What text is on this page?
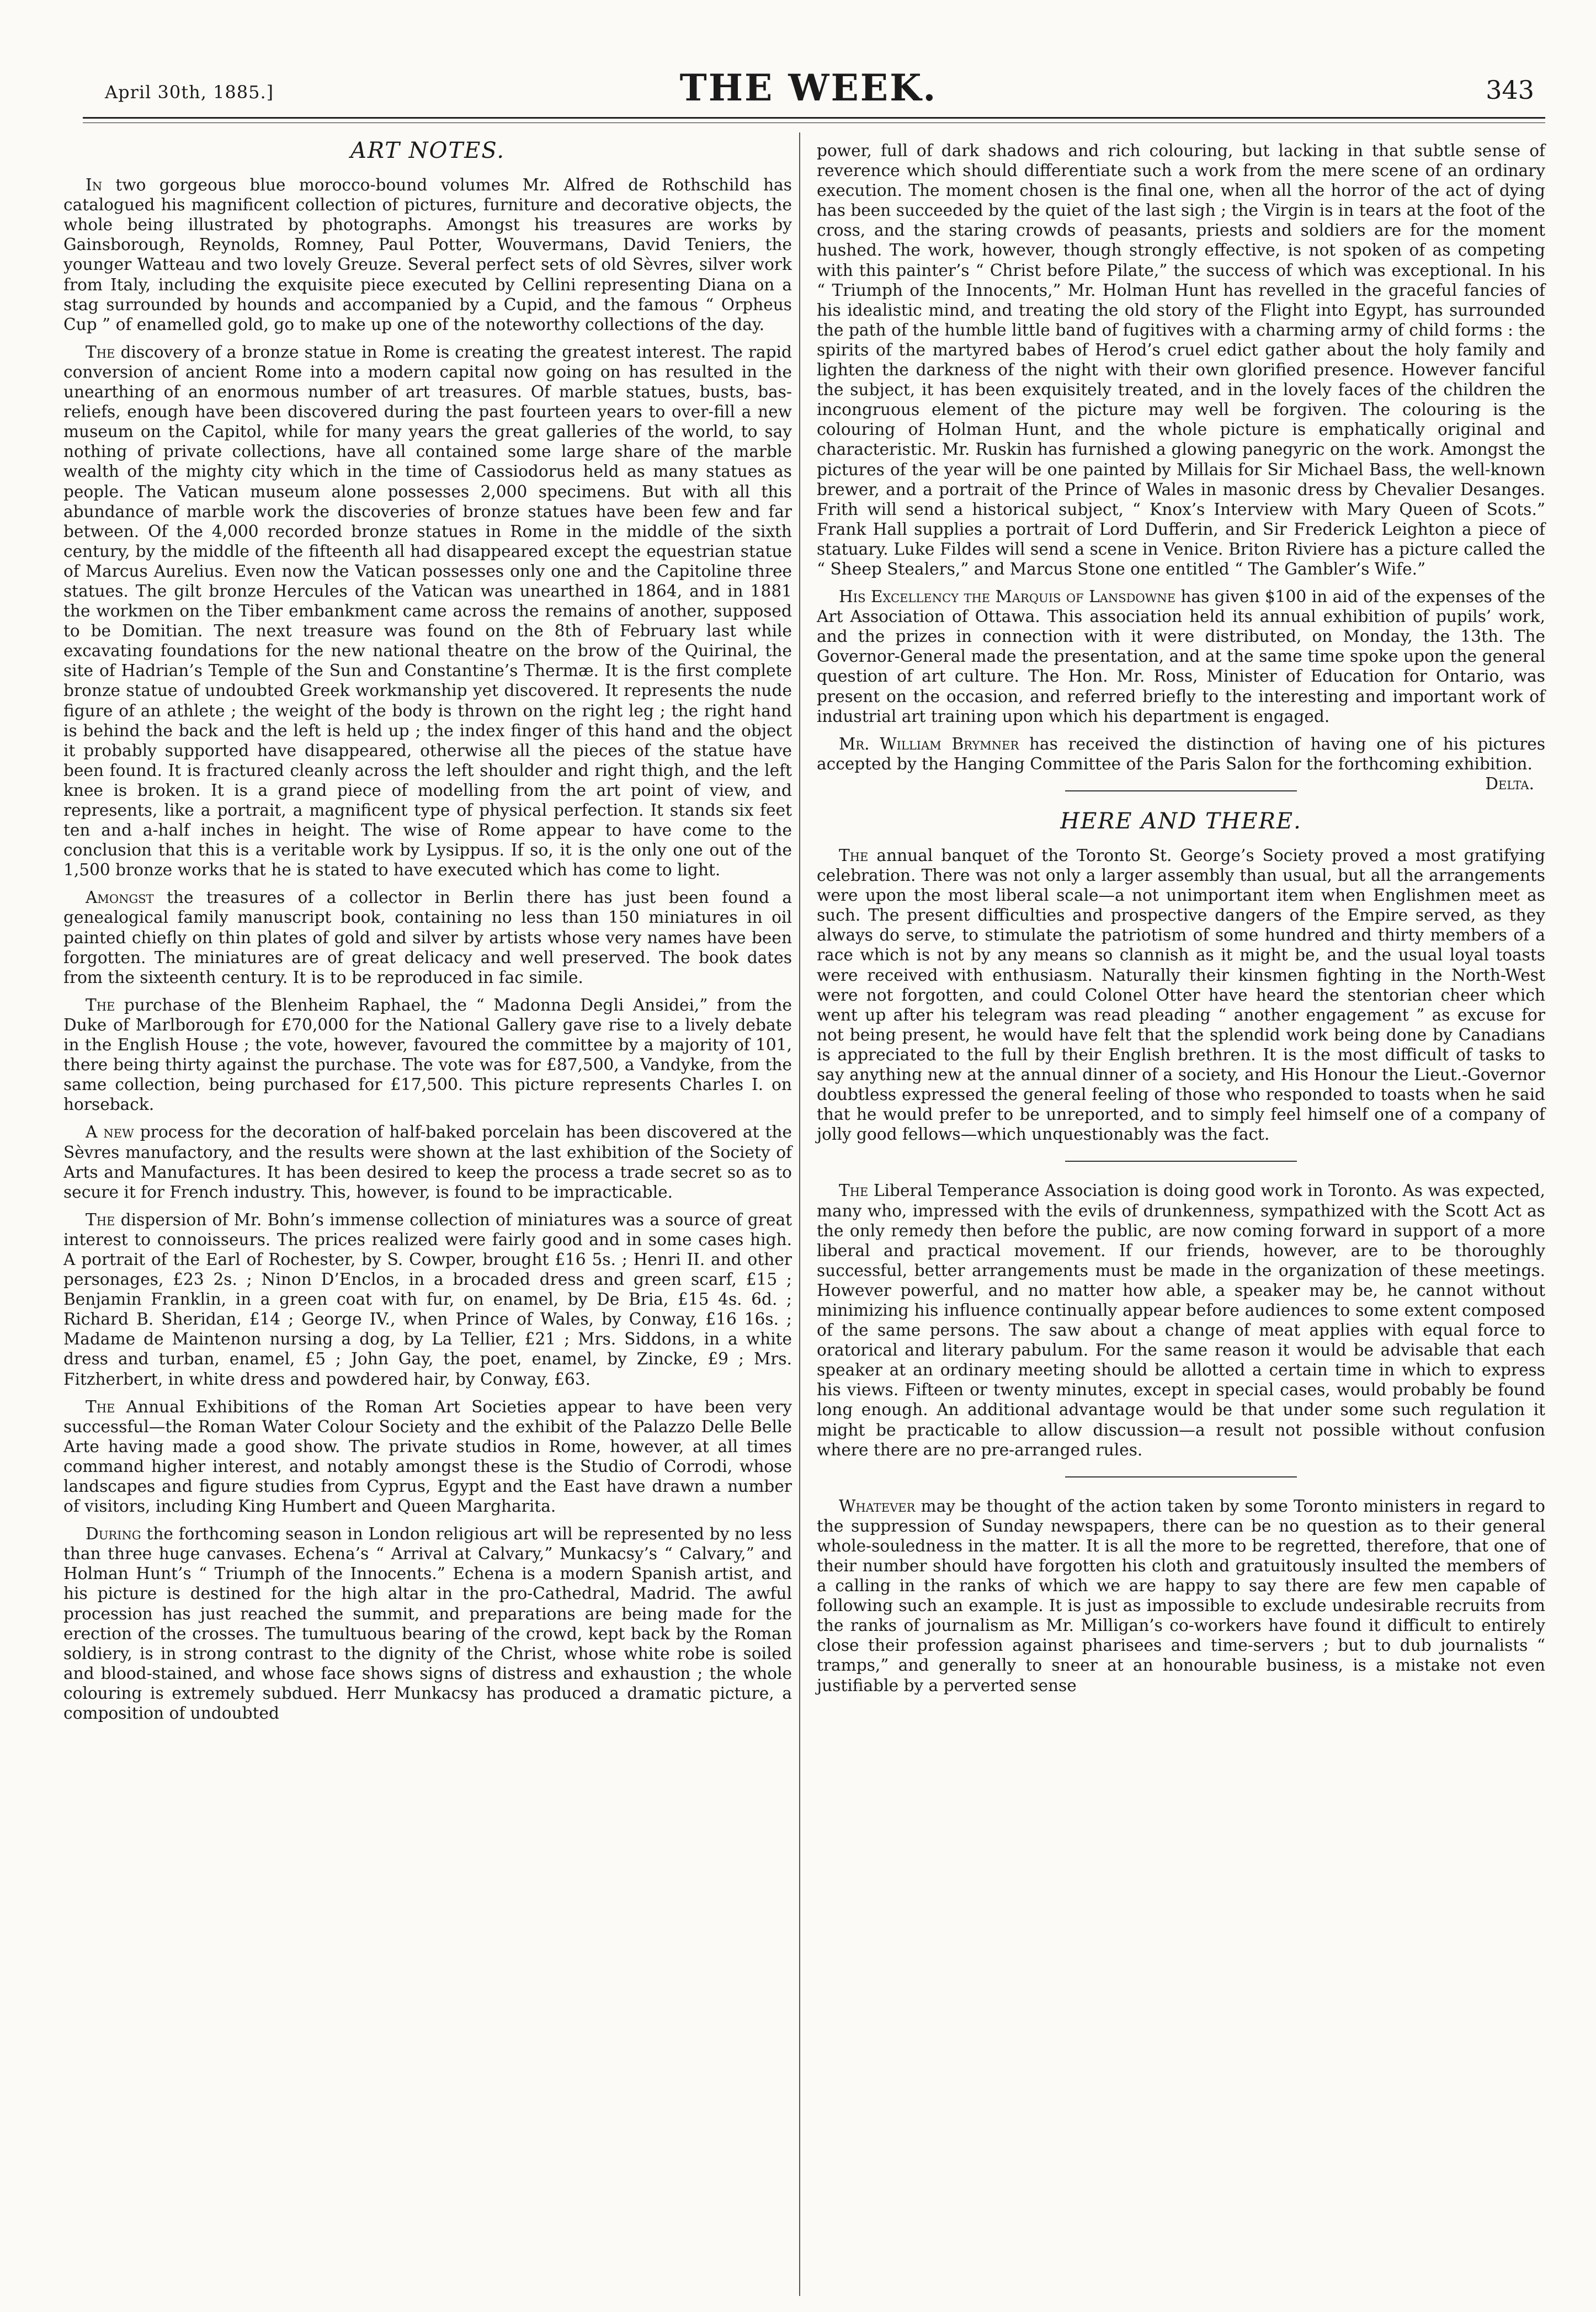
April 30th, 1885.]	THE WEEK.	343
ART NOTES.

In two gorgeous blue morocco-bound volumes Mr. Alfred de Rothschild has catalogued his magnificent collection of pictures, furniture and decorative objects, the whole being illustrated by photographs. Amongst his treasures are works by Gainsborough, Reynolds, Romney, Paul Potter, Wouvermans, David Teniers, the younger Watteau and two lovely Greuze. Several perfect sets of old Sèvres, silver work from Italy, including the exquisite piece executed by Cellini representing Diana on a stag surrounded by hounds and accompanied by a Cupid, and the famous “ Orpheus Cup ” of enamelled gold, go to make up one of the noteworthy collections of the day.

The discovery of a bronze statue in Rome is creating the greatest interest. The rapid conversion of ancient Rome into a modern capital now going on has resulted in the unearthing of an enormous number of art treasures. Of marble statues, busts, bas-reliefs, enough have been discovered during the past fourteen years to over-fill a new museum on the Capitol, while for many years the great galleries of the world, to say nothing of private collections, have all contained some large share of the marble wealth of the mighty city which in the time of Cassiodorus held as many statues as people. The Vatican museum alone possesses 2,000 specimens. But with all this abundance of marble work the discoveries of bronze statues have been few and far between. Of the 4,000 recorded bronze statues in Rome in the middle of the sixth century, by the middle of the fifteenth all had disappeared except the equestrian statue of Marcus Aurelius. Even now the Vatican possesses only one and the Capitoline three statues. The gilt bronze Hercules of the Vatican was unearthed in 1864, and in 1881 the workmen on the Tiber embankment came across the remains of another, supposed to be Domitian. The next treasure was found on the 8th of February last while excavating foundations for the new national theatre on the brow of the Quirinal, the site of Hadrian’s Temple of the Sun and Constantine’s Thermæ. It is the first complete bronze statue of undoubted Greek workmanship yet discovered. It represents the nude figure of an athlete ; the weight of the body is thrown on the right leg ; the right hand is behind the back and the left is held up ; the index finger of this hand and the object it probably supported have disappeared, otherwise all the pieces of the statue have been found. It is fractured cleanly across the left shoulder and right thigh, and the left knee is broken. It is a grand piece of modelling from the art point of view, and represents, like a portrait, a magnificent type of physical perfection. It stands six feet ten and a-half inches in height. The wise of Rome appear to have come to the conclusion that this is a veritable work by Lysippus. If so, it is the only one out of the 1,500 bronze works that he is stated to have executed which has come to light.

Amongst the treasures of a collector in Berlin there has just been found a genealogical family manuscript book, containing no less than 150 miniatures in oil painted chiefly on thin plates of gold and silver by artists whose very names have been forgotten. The miniatures are of great delicacy and well preserved. The book dates from the sixteenth century. It is to be reproduced in fac simile.

The purchase of the Blenheim Raphael, the “ Madonna Degli Ansidei,” from the Duke of Marlborough for £70,000 for the National Gallery gave rise to a lively debate in the English House ; the vote, however, favoured the committee by a majority of 101, there being thirty against the purchase. The vote was for £87,500, a Vandyke, from the same collection, being purchased for £17,500. This picture represents Charles I. on horseback.

A new process for the decoration of half-baked porcelain has been discovered at the Sèvres manufactory, and the results were shown at the last exhibition of the Society of Arts and Manufactures. It has been desired to keep the process a trade secret so as to secure it for French industry. This, however, is found to be impracticable.

The dispersion of Mr. Bohn’s immense collection of miniatures was a source of great interest to connoisseurs. The prices realized were fairly good and in some cases high. A portrait of the Earl of Rochester, by S. Cowper, brought £16 5s. ; Henri II. and other personages, £23 2s. ; Ninon D’Enclos, in a brocaded dress and green scarf, £15 ; Benjamin Franklin, in a green coat with fur, on enamel, by De Bria, £15 4s. 6d. ; Richard B. Sheridan, £14 ; George IV., when Prince of Wales, by Conway, £16 16s. ; Madame de Maintenon nursing a dog, by La Tellier, £21 ; Mrs. Siddons, in a white dress and turban, enamel, £5 ; John Gay, the poet, enamel, by Zincke, £9 ; Mrs. Fitzherbert, in white dress and powdered hair, by Conway, £63.

The Annual Exhibitions of the Roman Art Societies appear to have been very successful—the Roman Water Colour Society and the exhibit of the Palazzo Delle Belle Arte having made a good show. The private studios in Rome, however, at all times command higher interest, and notably amongst these is the Studio of Corrodi, whose landscapes and figure studies from Cyprus, Egypt and the East have drawn a number of visitors, including King Humbert and Queen Margharita.

During the forthcoming season in London religious art will be represented by no less than three huge canvases. Echena’s “ Arrival at Calvary,” Munkacsy’s “ Calvary,” and Holman Hunt’s “ Triumph of the Innocents.” Echena is a modern Spanish artist, and his picture is destined for the high altar in the pro-Cathedral, Madrid. The awful procession has just reached the summit, and preparations are being made for the erection of the crosses. The tumultuous bearing of the crowd, kept back by the Roman soldiery, is in strong contrast to the dignity of the Christ, whose white robe is soiled and blood-stained, and whose face shows signs of distress and exhaustion ; the whole colouring is extremely subdued. Herr Munkacsy has produced a dramatic picture, a composition of undoubted

power, full of dark shadows and rich colouring, but lacking in that subtle sense of reverence which should differentiate such a work from the mere scene of an ordinary execution. The moment chosen is the final one, when all the horror of the act of dying has been succeeded by the quiet of the last sigh ; the Virgin is in tears at the foot of the cross, and the staring crowds of peasants, priests and soldiers are for the moment hushed. The work, however, though strongly effective, is not spoken of as competing with this painter’s “ Christ before Pilate,” the success of which was exceptional. In his “ Triumph of the Innocents,” Mr. Holman Hunt has revelled in the graceful fancies of his idealistic mind, and treating the old story of the Flight into Egypt, has surrounded the path of the humble little band of fugitives with a charming army of child forms : the spirits of the martyred babes of Herod’s cruel edict gather about the holy family and lighten the darkness of the night with their own glorified presence. However fanciful the subject, it has been exquisitely treated, and in the lovely faces of the children the incongruous element of the picture may well be forgiven. The colouring is the colouring of Holman Hunt, and the whole picture is emphatically original and characteristic. Mr. Ruskin has furnished a glowing panegyric on the work. Amongst the pictures of the year will be one painted by Millais for Sir Michael Bass, the well-known brewer, and a portrait of the Prince of Wales in masonic dress by Chevalier Desanges. Frith will send a historical subject, “ Knox’s Interview with Mary Queen of Scots.” Frank Hall supplies a portrait of Lord Dufferin, and Sir Frederick Leighton a piece of statuary. Luke Fildes will send a scene in Venice. Briton Riviere has a picture called the “ Sheep Stealers,” and Marcus Stone one entitled “ The Gambler’s Wife.”

His Excellency the Marquis of Lansdowne has given $100 in aid of the expenses of the Art Association of Ottawa. This association held its annual exhibition of pupils’ work, and the prizes in connection with it were distributed, on Monday, the 13th. The Governor-General made the presentation, and at the same time spoke upon the general question of art culture. The Hon. Mr. Ross, Minister of Education for Ontario, was present on the occasion, and referred briefly to the interesting and important work of industrial art training upon which his department is engaged.

Mr. William Brymner has received the distinction of having one of his pictures accepted by the Hanging Committee of the Paris Salon for the forthcoming exhibition.
Delta.

HERE AND THERE.

The annual banquet of the Toronto St. George’s Society proved a most gratifying celebration. There was not only a larger assembly than usual, but all the arrangements were upon the most liberal scale—a not unimportant item when Englishmen meet as such. The present difficulties and prospective dangers of the Empire served, as they always do serve, to stimulate the patriotism of some hundred and thirty members of a race which is not by any means so clannish as it might be, and the usual loyal toasts were received with enthusiasm. Naturally their kinsmen fighting in the North-West were not forgotten, and could Colonel Otter have heard the stentorian cheer which went up after his telegram was read pleading “ another engagement ” as excuse for not being present, he would have felt that the splendid work being done by Canadians is appreciated to the full by their English brethren. It is the most difficult of tasks to say anything new at the annual dinner of a society, and His Honour the Lieut.-Governor doubtless expressed the general feeling of those who responded to toasts when he said that he would prefer to be unreported, and to simply feel himself one of a company of jolly good fellows—which unquestionably was the fact.

The Liberal Temperance Association is doing good work in Toronto. As was expected, many who, impressed with the evils of drunkenness, sympathized with the Scott Act as the only remedy then before the public, are now coming forward in support of a more liberal and practical movement. If our friends, however, are to be thoroughly successful, better arrangements must be made in the organization of these meetings. However powerful, and no matter how able, a speaker may be, he cannot without minimizing his influence continually appear before audiences to some extent composed of the same persons. The saw about a change of meat applies with equal force to oratorical and literary pabulum. For the same reason it would be advisable that each speaker at an ordinary meeting should be allotted a certain time in which to express his views. Fifteen or twenty minutes, except in special cases, would probably be found long enough. An additional advantage would be that under some such regulation it might be practicable to allow discussion—a result not possible without confusion where there are no pre-arranged rules.

Whatever may be thought of the action taken by some Toronto ministers in regard to the suppression of Sunday newspapers, there can be no question as to their general whole-souledness in the matter. It is all the more to be regretted, therefore, that one of their number should have forgotten his cloth and gratuitously insulted the members of a calling in the ranks of which we are happy to say there are few men capable of following such an example. It is just as impossible to exclude undesirable recruits from the ranks of journalism as Mr. Milligan’s co-workers have found it difficult to entirely close their profession against pharisees and time-servers ; but to dub journalists “ tramps,” and generally to sneer at an honourable business, is a mistake not even justifiable by a perverted sense
